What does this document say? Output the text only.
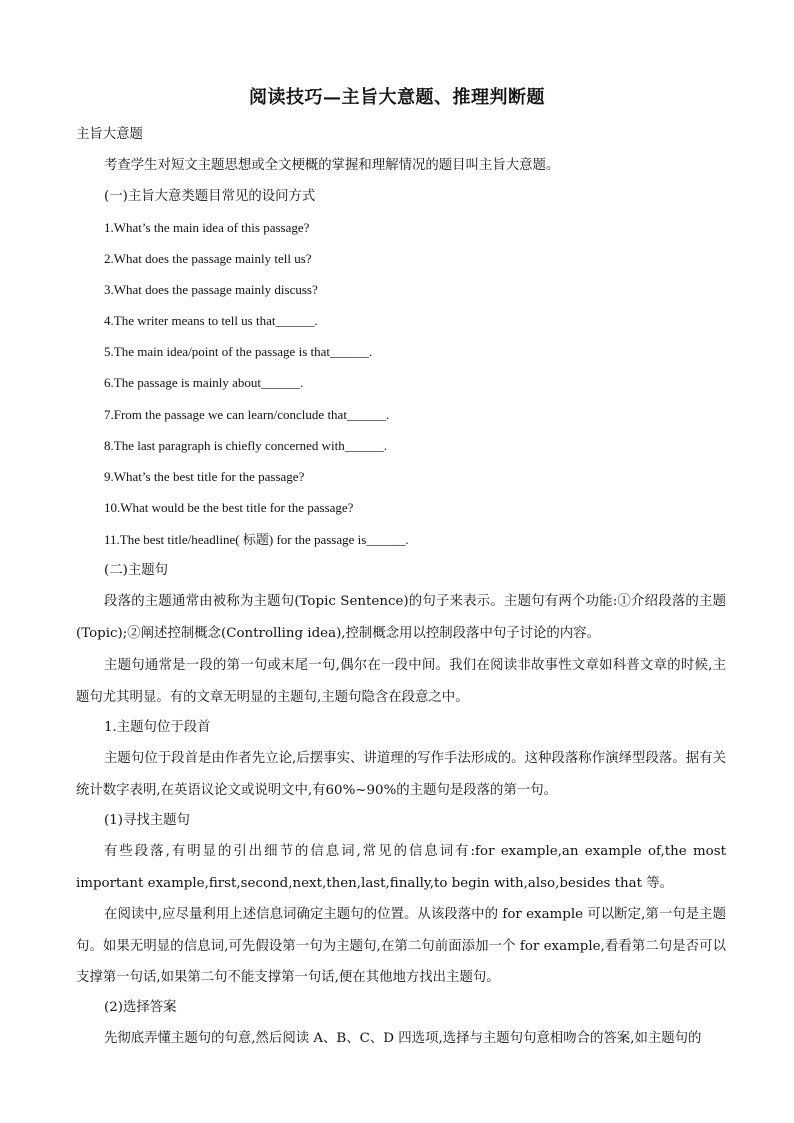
阅读技巧—主旨大意题、推理判断题
主旨大意题
考查学生对短文主题思想或全文梗概的掌握和理解情况的题目叫主旨大意题。
(一)主旨大意类题目常见的设问方式
1.What’s the main idea of this passage?
2.What does the passage mainly tell us?
3.What does the passage mainly discuss?
4.The writer means to tell us that______.
5.The main idea/point of the passage is that______.
6.The passage is mainly about______.
7.From the passage we can learn/conclude that______.
8.The last paragraph is chiefly concerned with______.
9.What’s the best title for the passage?
10.What would be the best title for the passage?
11.The best title/headline( 标题) for the passage is______.
(二)主题句
段落的主题通常由被称为主题句(Topic Sentence)的句子来表示。主题句有两个功能:①介绍段落的主题(Topic);②阐述控制概念(Controlling idea),控制概念用以控制段落中句子讨论的内容。
主题句通常是一段的第一句或末尾一句,偶尔在一段中间。我们在阅读非故事性文章如科普文章的时候,主题句尤其明显。有的文章无明显的主题句,主题句隐含在段意之中。
1.主题句位于段首
主题句位于段首是由作者先立论,后摆事实、讲道理的写作手法形成的。这种段落称作演绎型段落。据有关统计数字表明,在英语议论文或说明文中,有60%~90%的主题句是段落的第一句。
(1)寻找主题句
有些段落,有明显的引出细节的信息词,常见的信息词有:for example,an example of,the most important example,first,second,next,then,last,finally,to begin with,also,besides that 等。
在阅读中,应尽量利用上述信息词确定主题句的位置。从该段落中的 for example 可以断定,第一句是主题句。如果无明显的信息词,可先假设第一句为主题句,在第二句前面添加一个 for example,看看第二句是否可以支撑第一句话,如果第二句不能支撑第一句话,便在其他地方找出主题句。
(2)选择答案
先彻底弄懂主题句的句意,然后阅读 A、B、C、D 四选项,选择与主题句句意相吻合的答案,如主题句的
